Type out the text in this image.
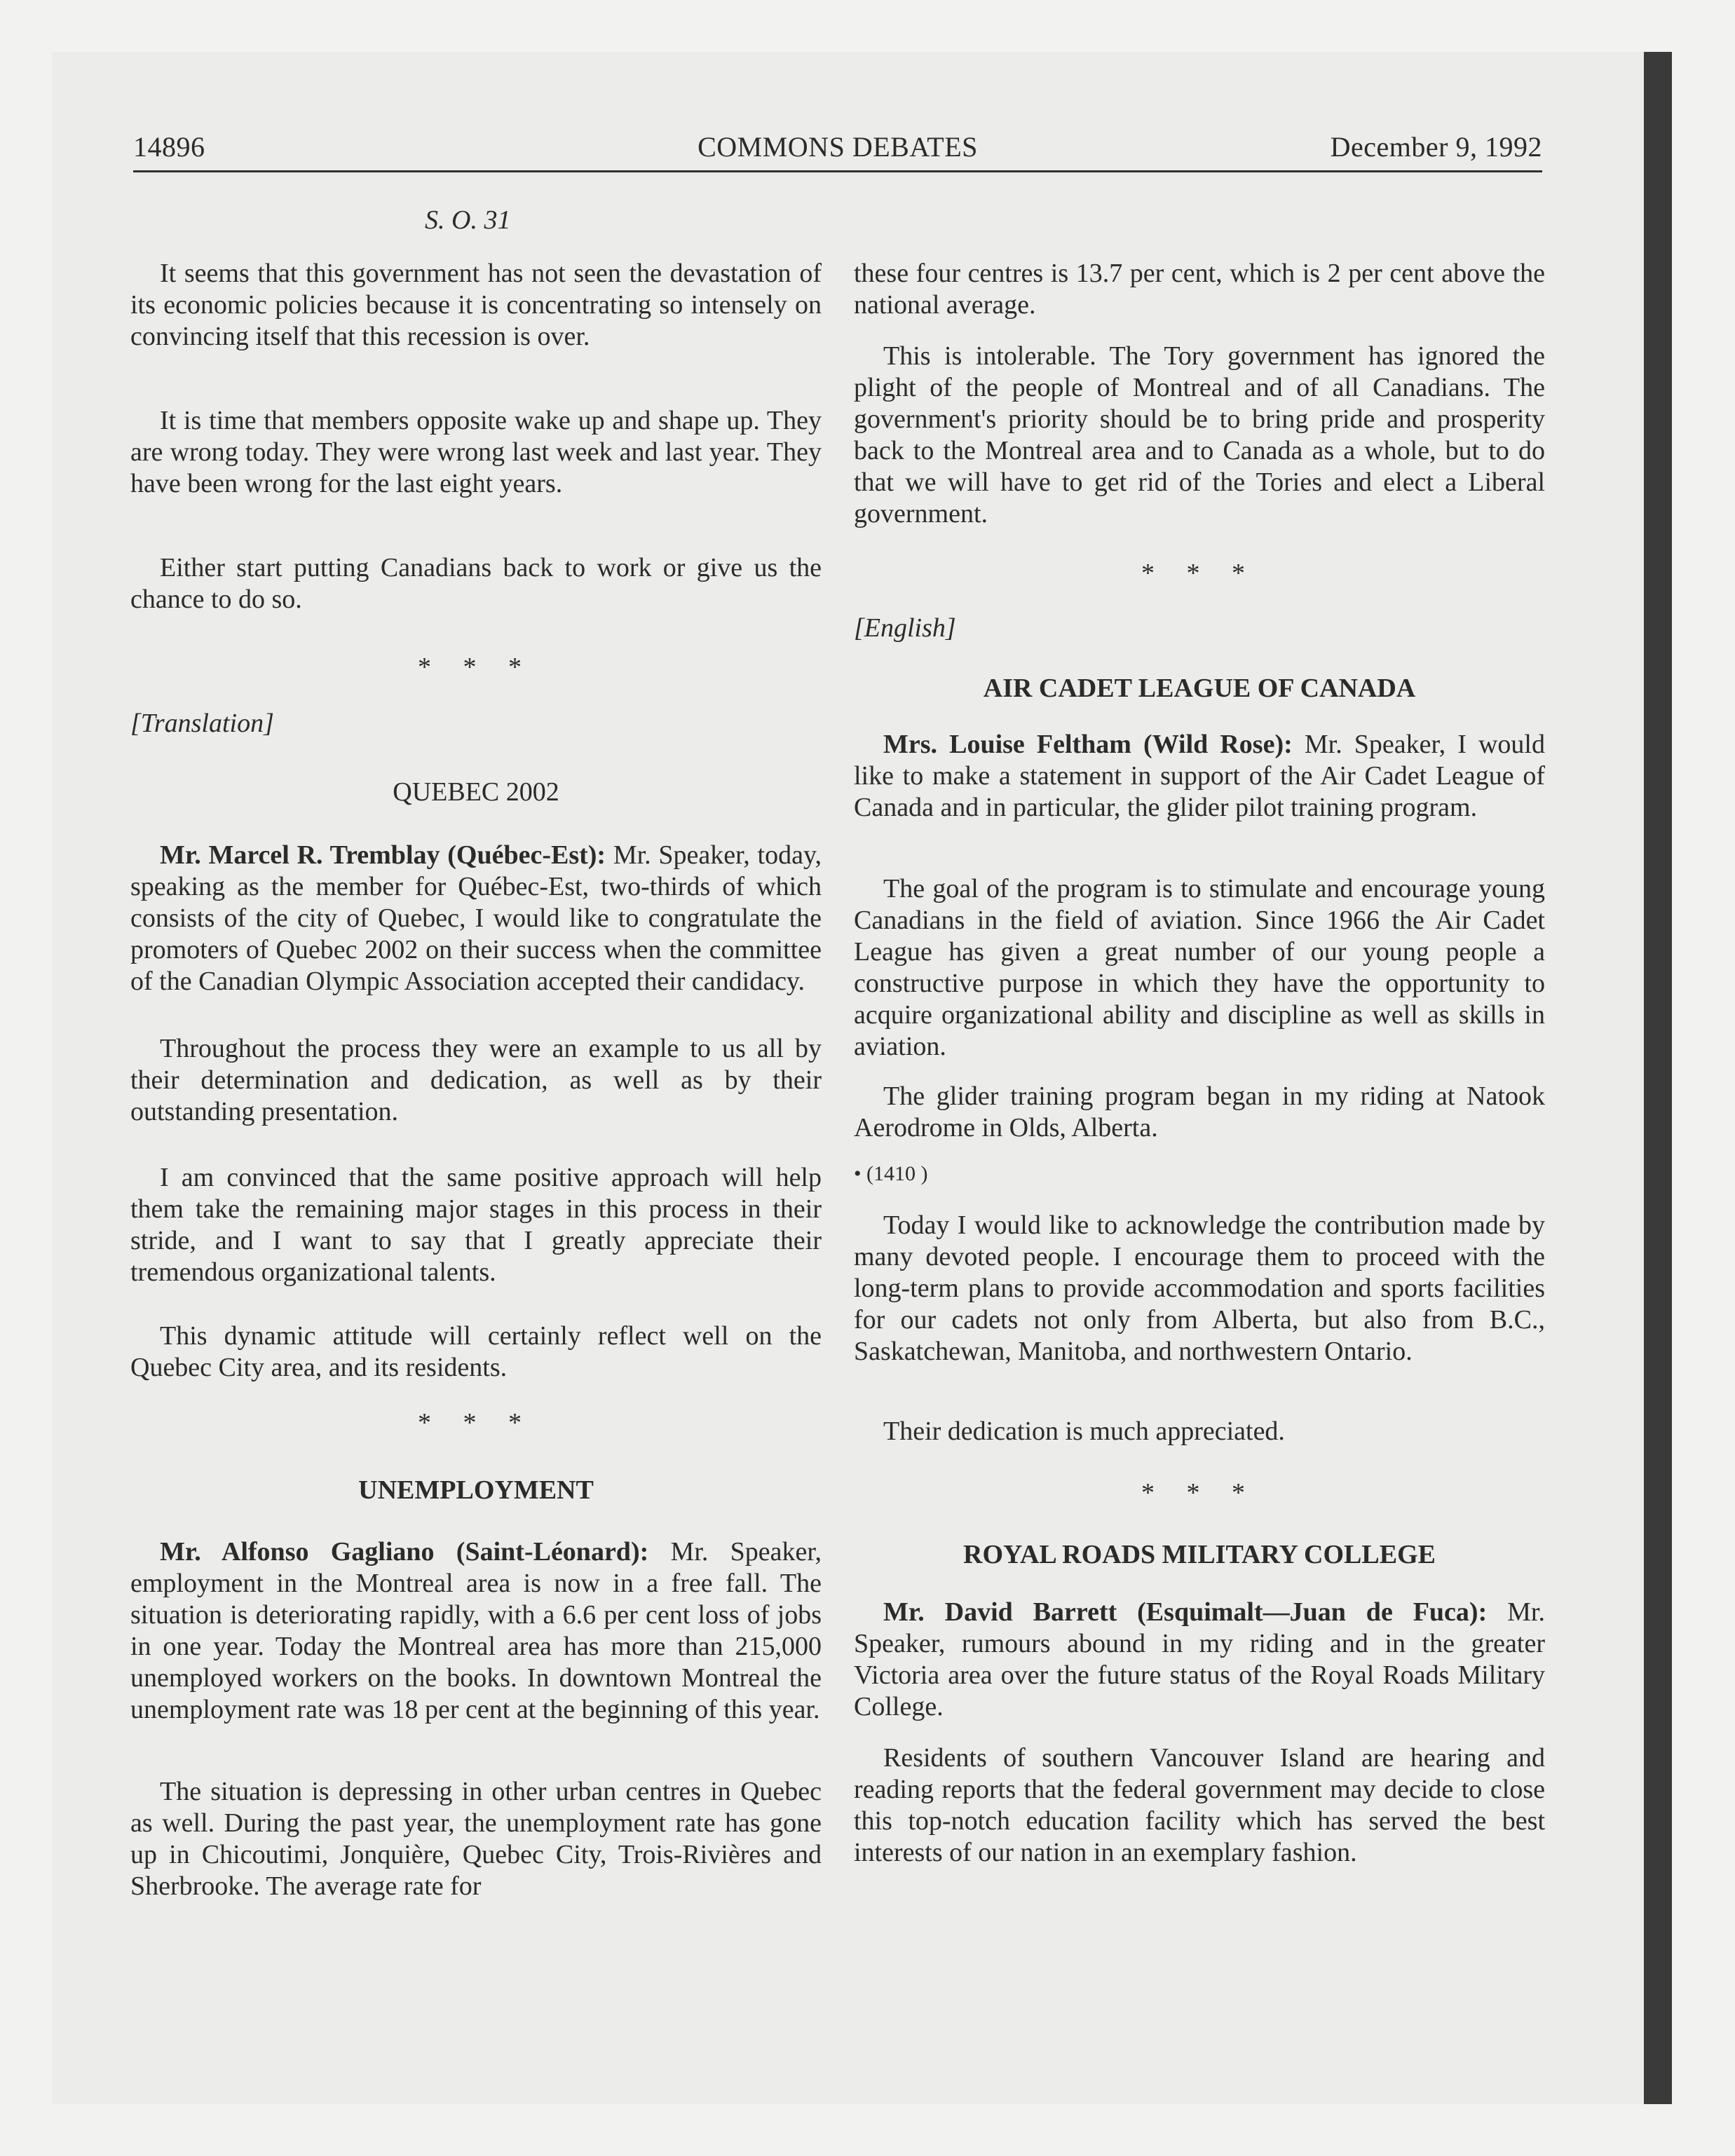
14896	COMMONS DEBATES	December 9, 1992

S. O. 31

It seems that this government has not seen the devastation of its economic policies because it is concentrating so intensely on convincing itself that this recession is over.

It is time that members opposite wake up and shape up. They are wrong today. They were wrong last week and last year. They have been wrong for the last eight years.

Either start putting Canadians back to work or give us the chance to do so.

* * *

[Translation]

QUEBEC 2002

Mr. Marcel R. Tremblay (Québec-Est): Mr. Speaker, today, speaking as the member for Québec-Est, two-thirds of which consists of the city of Quebec, I would like to congratulate the promoters of Quebec 2002 on their success when the committee of the Canadian Olympic Association accepted their candidacy.

Throughout the process they were an example to us all by their determination and dedication, as well as by their outstanding presentation.

I am convinced that the same positive approach will help them take the remaining major stages in this process in their stride, and I want to say that I greatly appreciate their tremendous organizational talents.

This dynamic attitude will certainly reflect well on the Quebec City area, and its residents.

* * *

UNEMPLOYMENT

Mr. Alfonso Gagliano (Saint-Léonard): Mr. Speaker, employment in the Montreal area is now in a free fall. The situation is deteriorating rapidly, with a 6.6 per cent loss of jobs in one year. Today the Montreal area has more than 215,000 unemployed workers on the books. In downtown Montreal the unemployment rate was 18 per cent at the beginning of this year.

The situation is depressing in other urban centres in Quebec as well. During the past year, the unemployment rate has gone up in Chicoutimi, Jonquière, Quebec City, Trois-Rivières and Sherbrooke. The average rate for

these four centres is 13.7 per cent, which is 2 per cent above the national average.

This is intolerable. The Tory government has ignored the plight of the people of Montreal and of all Canadians. The government's priority should be to bring pride and prosperity back to the Montreal area and to Canada as a whole, but to do that we will have to get rid of the Tories and elect a Liberal government.

* * *

[English]

AIR CADET LEAGUE OF CANADA

Mrs. Louise Feltham (Wild Rose): Mr. Speaker, I would like to make a statement in support of the Air Cadet League of Canada and in particular, the glider pilot training program.

The goal of the program is to stimulate and encourage young Canadians in the field of aviation. Since 1966 the Air Cadet League has given a great number of our young people a constructive purpose in which they have the opportunity to acquire organizational ability and discipline as well as skills in aviation.

The glider training program began in my riding at Natook Aerodrome in Olds, Alberta.

• (1410 )

Today I would like to acknowledge the contribution made by many devoted people. I encourage them to proceed with the long-term plans to provide accommodation and sports facilities for our cadets not only from Alberta, but also from B.C., Saskatchewan, Manitoba, and northwestern Ontario.

Their dedication is much appreciated.

* * *

ROYAL ROADS MILITARY COLLEGE

Mr. David Barrett (Esquimalt—Juan de Fuca): Mr. Speaker, rumours abound in my riding and in the greater Victoria area over the future status of the Royal Roads Military College.

Residents of southern Vancouver Island are hearing and reading reports that the federal government may decide to close this top-notch education facility which has served the best interests of our nation in an exemplary fashion.
